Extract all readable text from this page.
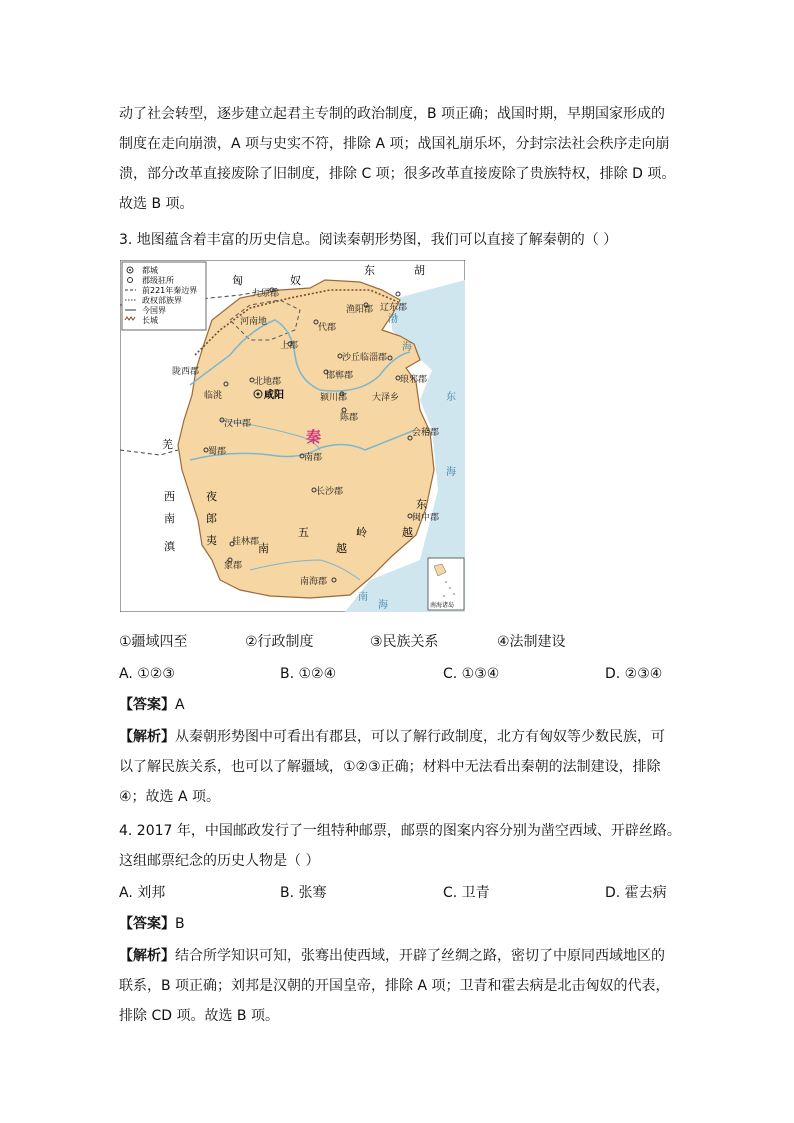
动了社会转型，逐步建立起君主专制的政治制度，B 项正确；战国时期，早期国家形成的
制度在走向崩溃，A 项与史实不符，排除 A 项；战国礼崩乐坏，分封宗法社会秩序走向崩
溃，部分改革直接废除了旧制度，排除 C 项；很多改革直接废除了贵族特权，排除 D 项。
故选 B 项。
3. 地图蕴含着丰富的历史信息。阅读秦朝形势图，我们可以直接了解秦朝的（ ）
都城
郡级驻所
前221年秦边界
政权部族界
今国界
长城
匈	奴
东	胡
羌
西
南
夜
郎
夷
滇	南	越
五	岭
东
越
渤
海
东
海
南
海
九原郡
辽东郡
渔阳郡
代郡
上郡
沙丘 临淄郡
陇西郡
北地郡
邯郸郡	琅邪郡
临洮	颍川郡	大泽乡
汉中郡
陈郡
蜀郡
会稽郡
南郡
长沙郡
闽中郡
桂林郡
南海郡
象郡
河南地
咸阳
秦
南海诸岛
①疆域四至	②行政制度	③民族关系	④法制建设
A. ①②③	B. ①②④	C. ①③④	D. ②③④
【答案】A
【解析】从秦朝形势图中可看出有郡县，可以了解行政制度，北方有匈奴等少数民族，可
以了解民族关系，也可以了解疆域，①②③正确；材料中无法看出秦朝的法制建设，排除
④；故选 A 项。
4. 2017 年，中国邮政发行了一组特种邮票，邮票的图案内容分别为凿空西域、开辟丝路。
这组邮票纪念的历史人物是（ ）
A. 刘邦	B. 张骞	C. 卫青	D. 霍去病
【答案】B
【解析】结合所学知识可知，张骞出使西域，开辟了丝绸之路，密切了中原同西域地区的
联系，B 项正确；刘邦是汉朝的开国皇帝，排除 A 项；卫青和霍去病是北击匈奴的代表，
排除 CD 项。故选 B 项。
